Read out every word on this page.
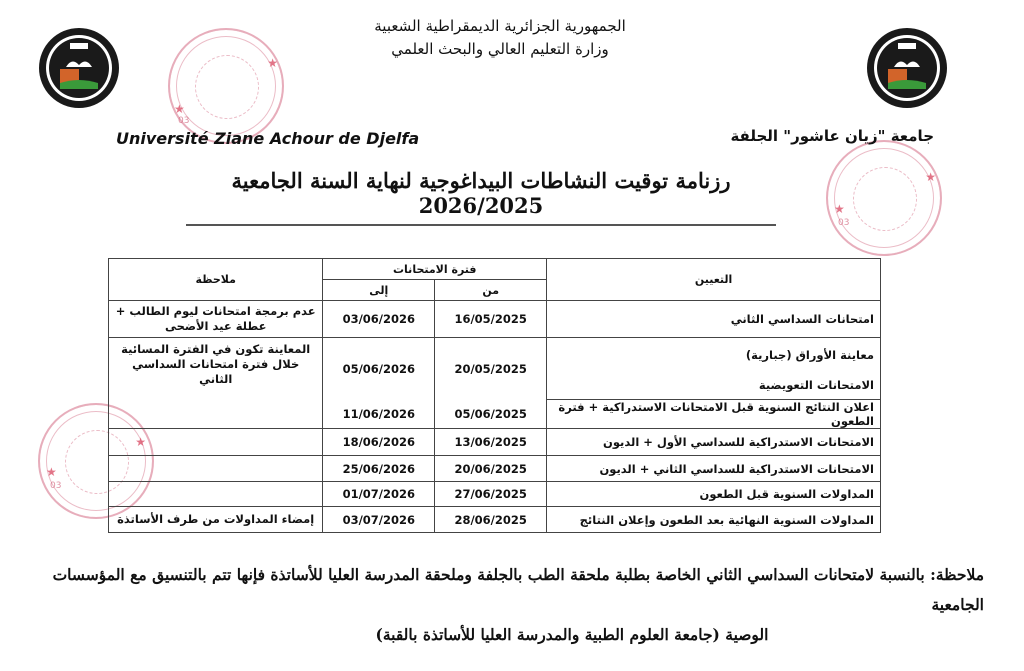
★
★
03
★
★
03
★
★
03
الجمهورية الجزائرية الديمقراطية الشعبية
وزارة التعليم العالي والبحث العلمي
Université Ziane Achour de Djelfa	جامعة "زيان عاشور" الجلفة
رزنامة توقيت النشاطات البيداغوجية لنهاية السنة الجامعية 2026/2025
التعيين	فترة الامتحانات		ملاحظة
	من	إلى	
امتحانات السداسي الثاني	16/05/2025	03/06/2026	عدم برمجة امتحانات ليوم الطالب + عطلة عيد الأضحى
معاينة الأوراق (جبارية)	20/05/2025	05/06/2026	المعاينة تكون في الفترة المسائية خلال فترة امتحانات السداسي الثاني
الامتحانات التعويضية			
اعلان النتائج السنوية قبل الامتحانات الاستدراكية + فترة الطعون	05/06/2025	11/06/2026	

الامتحانات الاستدراكية للسداسي الأول + الديون	13/06/2025	18/06/2026	
الامتحانات الاستدراكية للسداسي الثاني + الديون	20/06/2025	25/06/2026	
المداولات السنوية قبل الطعون	27/06/2025	01/07/2026	
المداولات السنوية النهائية بعد الطعون وإعلان النتائج	28/06/2025	03/07/2026	إمضاء المداولات من طرف الأساتذة
ملاحظة: بالنسبة لامتحانات السداسي الثاني الخاصة بطلبة ملحقة الطب بالجلفة وملحقة المدرسة العليا للأساتذة فإنها تتم بالتنسيق مع المؤسسات الجامعية
الوصية (جامعة العلوم الطبية والمدرسة العليا للأساتذة بالقبة)
